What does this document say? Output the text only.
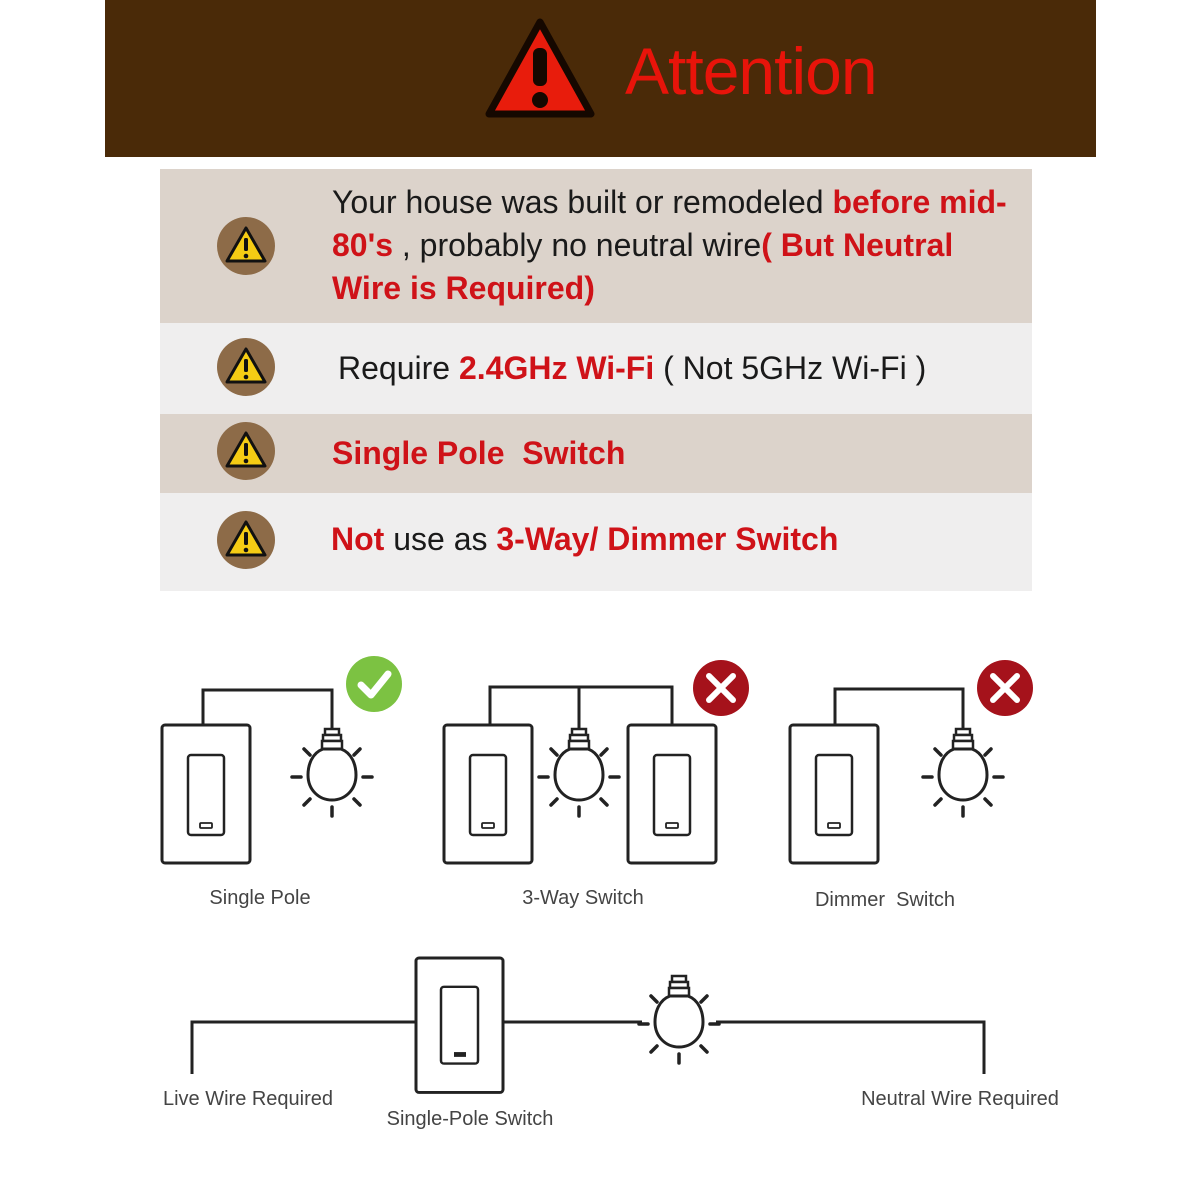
Attention
Your house was built or remodeled before mid-80's , probably no neutral wire( But Neutral Wire is Required)
Require 2.4GHz Wi-Fi ( Not 5GHz Wi-Fi )
Single Pole  Switch
Not use as 3-Way/ Dimmer Switch
Single Pole	3-Way Switch	Dimmer  Switch
Live Wire Required
Single-Pole Switch
Neutral Wire Required
